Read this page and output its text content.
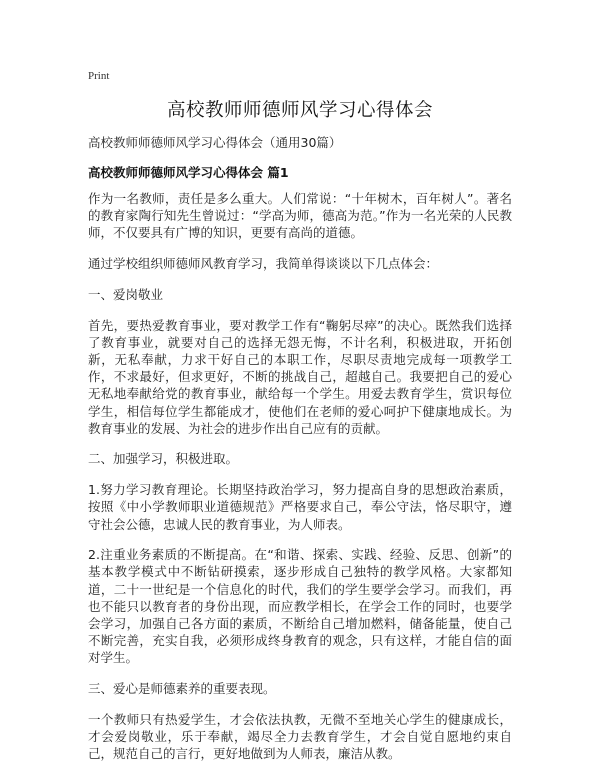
Print
高校教师师德师风学习心得体会

高校教师师德师风学习心得体会（通用30篇）

高校教师师德师风学习心得体会 篇1

作为一名教师，责任是多么重大。人们常说：“十年树木，百年树人”。著名的教育家陶行知先生曾说过：“学高为师，德高为范。”作为一名光荣的人民教师，不仅要具有广博的知识，更要有高尚的道德。

通过学校组织师德师风教育学习，我简单得谈谈以下几点体会：

一、爱岗敬业

首先，要热爱教育事业，要对教学工作有“鞠躬尽瘁”的决心。既然我们选择了教育事业，就要对自己的选择无怨无悔，不计名利，积极进取，开拓创新，无私奉献，力求干好自己的本职工作，尽职尽责地完成每一项教学工作，不求最好，但求更好，不断的挑战自己，超越自己。我要把自己的爱心无私地奉献给党的教育事业，献给每一个学生。用爱去教育学生，赏识每位学生，相信每位学生都能成才，使他们在老师的爱心呵护下健康地成长。为教育事业的发展、为社会的进步作出自己应有的贡献。

二、加强学习，积极进取。

1.努力学习教育理论。长期坚持政治学习，努力提高自身的思想政治素质，按照《中小学教师职业道德规范》严格要求自己，奉公守法，恪尽职守，遵守社会公德，忠诚人民的教育事业，为人师表。

2.注重业务素质的不断提高。在“和谐、探索、实践、经验、反思、创新”的基本教学模式中不断钻研摸索，逐步形成自己独特的教学风格。大家都知道，二十一世纪是一个信息化的时代，我们的学生要学会学习。而我们，再也不能只以教育者的身份出现，而应教学相长，在学会工作的同时，也要学会学习，加强自己各方面的素质，不断给自己增加燃料，储备能量，使自己不断完善，充实自我，必须形成终身教育的观念，只有这样，才能自信的面对学生。

三、爱心是师德素养的重要表现。

一个教师只有热爱学生，才会依法执教，无微不至地关心学生的健康成长，才会爱岗敬业，乐于奉献，竭尽全力去教育学生，才会自觉自愿地约束自己，规范自己的言行，更好地做到为人师表，廉洁从教。
